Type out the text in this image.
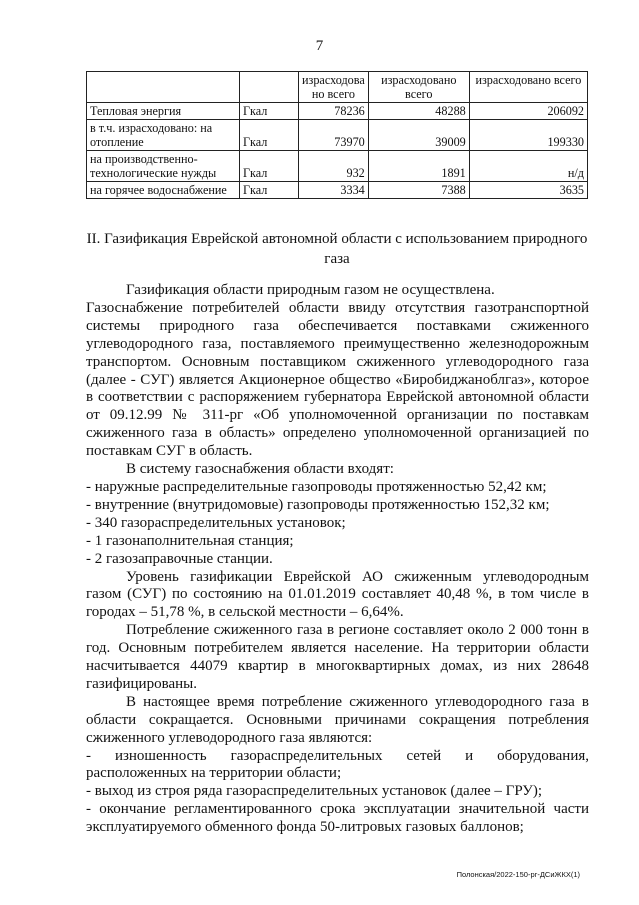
7
		израсходова но всего	израсходовано всего	израсходовано всего
Тепловая энергия	Гкал	78236	48288	206092
в т.ч. израсходовано: на отопление	Гкал	73970	39009	199330
на производственно-технологические нужды	Гкал	932	1891	н/д
на горячее водоснабжение	Гкал	3334	7388	3635
II. Газификация Еврейской автономной области с использованием природного газа

Газификация области природным газом не осуществлена.

Газоснабжение потребителей области ввиду отсутствия газотранспортной системы природного газа обеспечивается поставками сжиженного углеводородного газа, поставляемого преимущественно железнодорожным транспортом. Основным поставщиком сжиженного углеводородного газа (далее - СУГ) является Акционерное общество «Биробиджаноблгаз», которое в соответствии с распоряжением губернатора Еврейской автономной области от 09.12.99 № 311-рг «Об уполномоченной организации по поставкам сжиженного газа в область» определено уполномоченной организацией по поставкам СУГ в область.

В систему газоснабжения области входят:

- наружные распределительные газопроводы протяженностью 52,42 км;

- внутренние (внутридомовые) газопроводы протяженностью 152,32 км;

- 340 газораспределительных установок;

- 1 газонаполнительная станция;

- 2 газозаправочные станции.

Уровень газификации Еврейской АО сжиженным углеводородным газом (СУГ) по состоянию на 01.01.2019 составляет 40,48 %, в том числе в городах – 51,78 %, в сельской местности – 6,64%.

Потребление сжиженного газа в регионе составляет около 2 000 тонн в год. Основным потребителем является население. На территории области насчитывается 44079 квартир в многоквартирных домах, из них 28648 газифицированы.

В настоящее время потребление сжиженного углеводородного газа в области сокращается. Основными причинами сокращения потребления сжиженного углеводородного газа являются:

- изношенность газораспределительных сетей и оборудования, расположенных на территории области;

- выход из строя ряда газораспределительных установок (далее – ГРУ);

- окончание регламентированного срока эксплуатации значительной части эксплуатируемого обменного фонда 50-литровых газовых баллонов;

Полонская/2022-150-рг-ДСиЖКХ(1)
